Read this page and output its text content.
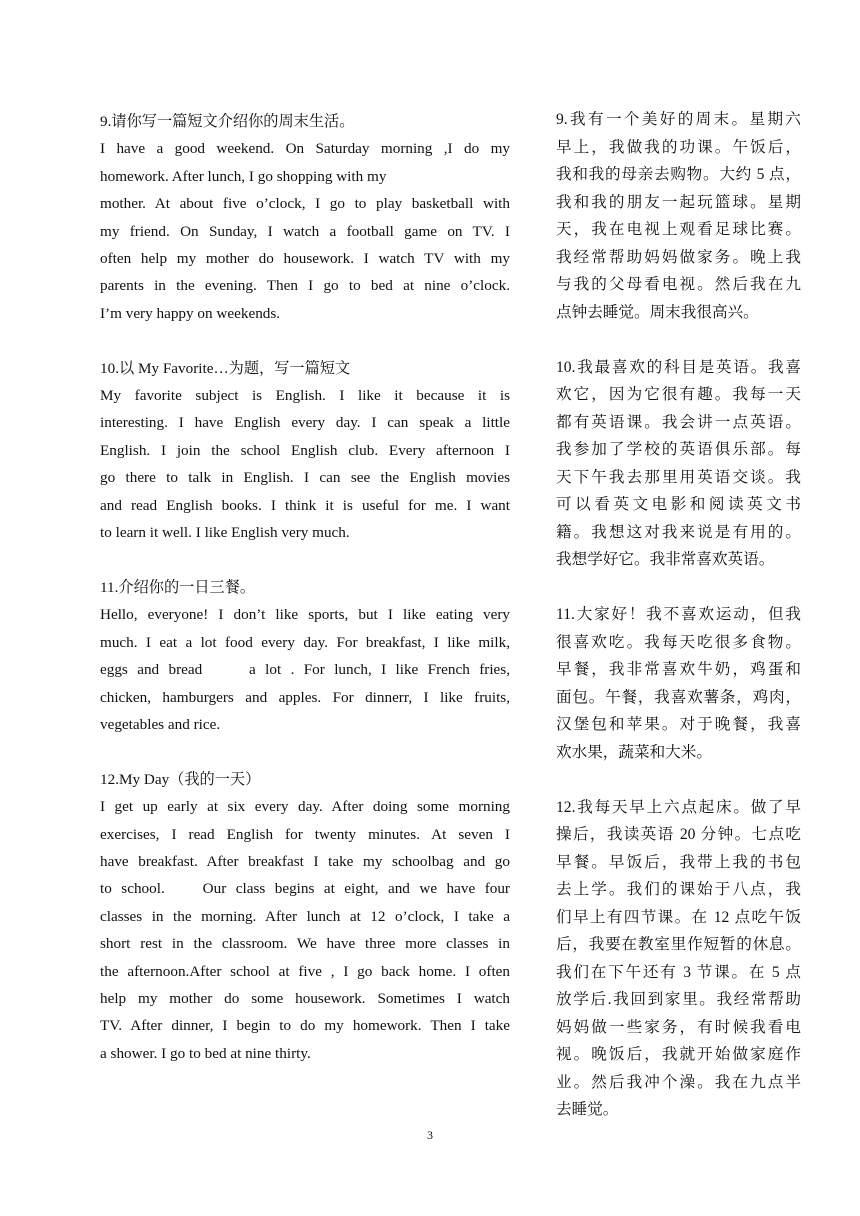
9.请你写一篇短文介绍你的周末生活。
I have a good weekend. On Saturday morning ,I do my
homework. After lunch, I go shopping with my
mother. At about five o’clock, I go to play basketball with
my friend. On Sunday, I watch a football game on TV. I
often help my mother do housework. I watch TV with my
parents in the evening. Then I go to bed at nine o’clock.
I’m very happy on weekends.
10.以 My Favorite…为题，写一篇短文
My favorite subject is English. I like it because it is
interesting. I have English every day. I can speak a little
English. I join the school English club. Every afternoon I
go there to talk in English. I can see the English movies
and read English books. I think it is useful for me. I want
to learn it well. I like English very much.
11.介绍你的一日三餐。
Hello, everyone! I don’t like sports, but I like eating very
much. I eat a lot food every day. For breakfast, I like milk,
eggs and bread     a lot . For lunch, I like French fries,
chicken, hamburgers and apples. For dinnerr, I like fruits,
vegetables and rice.
12.My Day（我的一天）
I get up early at six every day. After doing some morning
exercises, I read English for twenty minutes. At seven I
have breakfast. After breakfast I take my schoolbag and go
to school.    Our class begins at eight, and we have four
classes in the morning. After lunch at 12 o’clock, I take a
short rest in the classroom. We have three more classes in
the afternoon.After school at five , I go back home. I often
help my mother do some housework. Sometimes I watch
TV. After dinner, I begin to do my homework. Then I take
a shower. I go to bed at nine thirty.
9.我有一个美好的周末。星期六
早上，我做我的功课。午饭后，
我和我的母亲去购物。大约 5 点，
我和我的朋友一起玩篮球。星期
天，我在电视上观看足球比赛。
我经常帮助妈妈做家务。晚上我
与我的父母看电视。然后我在九
点钟去睡觉。周末我很高兴。
10.我最喜欢的科目是英语。我喜
欢它，因为它很有趣。我每一天
都有英语课。我会讲一点英语。
我参加了学校的英语俱乐部。每
天下午我去那里用英语交谈。我
可以看英文电影和阅读英文书
籍。我想这对我来说是有用的。
我想学好它。我非常喜欢英语。
11.大家好！我不喜欢运动，但我
很喜欢吃。我每天吃很多食物。
早餐，我非常喜欢牛奶，鸡蛋和
面包。午餐，我喜欢薯条，鸡肉，
汉堡包和苹果。对于晚餐，我喜
欢水果，蔬菜和大米。
12.我每天早上六点起床。做了早
操后，我读英语 20 分钟。七点吃
早餐。早饭后，我带上我的书包
去上学。我们的课始于八点，我
们早上有四节课。在 12 点吃午饭
后，我要在教室里作短暂的休息。
我们在下午还有 3 节课。在 5 点
放学后.我回到家里。我经常帮助
妈妈做一些家务，有时候我看电
视。晚饭后，我就开始做家庭作
业。然后我冲个澡。我在九点半
去睡觉。
3
